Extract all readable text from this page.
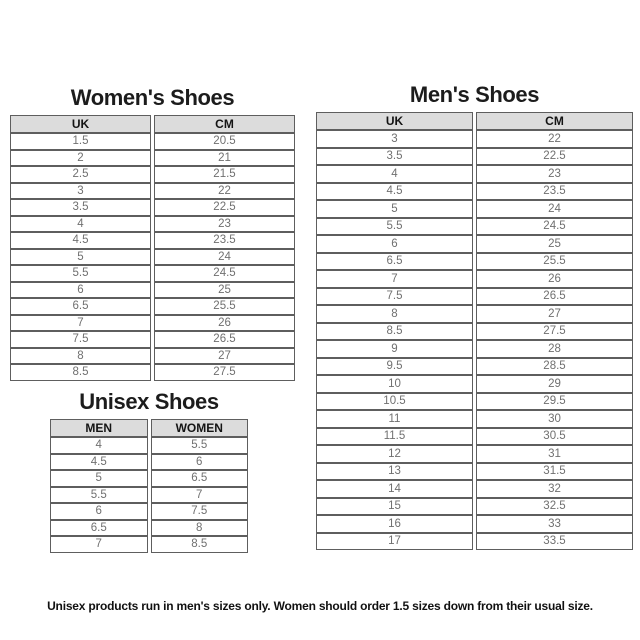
Women's Shoes
UK	CM
1.5	20.5
2	21
2.5	21.5
3	22
3.5	22.5
4	23
4.5	23.5
5	24
5.5	24.5
6	25
6.5	25.5
7	26
7.5	26.5
8	27
8.5	27.5
Men's Shoes
UK	CM
3	22
3.5	22.5
4	23
4.5	23.5
5	24
5.5	24.5
6	25
6.5	25.5
7	26
7.5	26.5
8	27
8.5	27.5
9	28
9.5	28.5
10	29
10.5	29.5
11	30
11.5	30.5
12	31
13	31.5
14	32
15	32.5
16	33
17	33.5
Unisex Shoes
MEN	WOMEN
4	5.5
4.5	6
5	6.5
5.5	7
6	7.5
6.5	8
7	8.5
Unisex products run in men's sizes only. Women should order 1.5 sizes down from their usual size.
